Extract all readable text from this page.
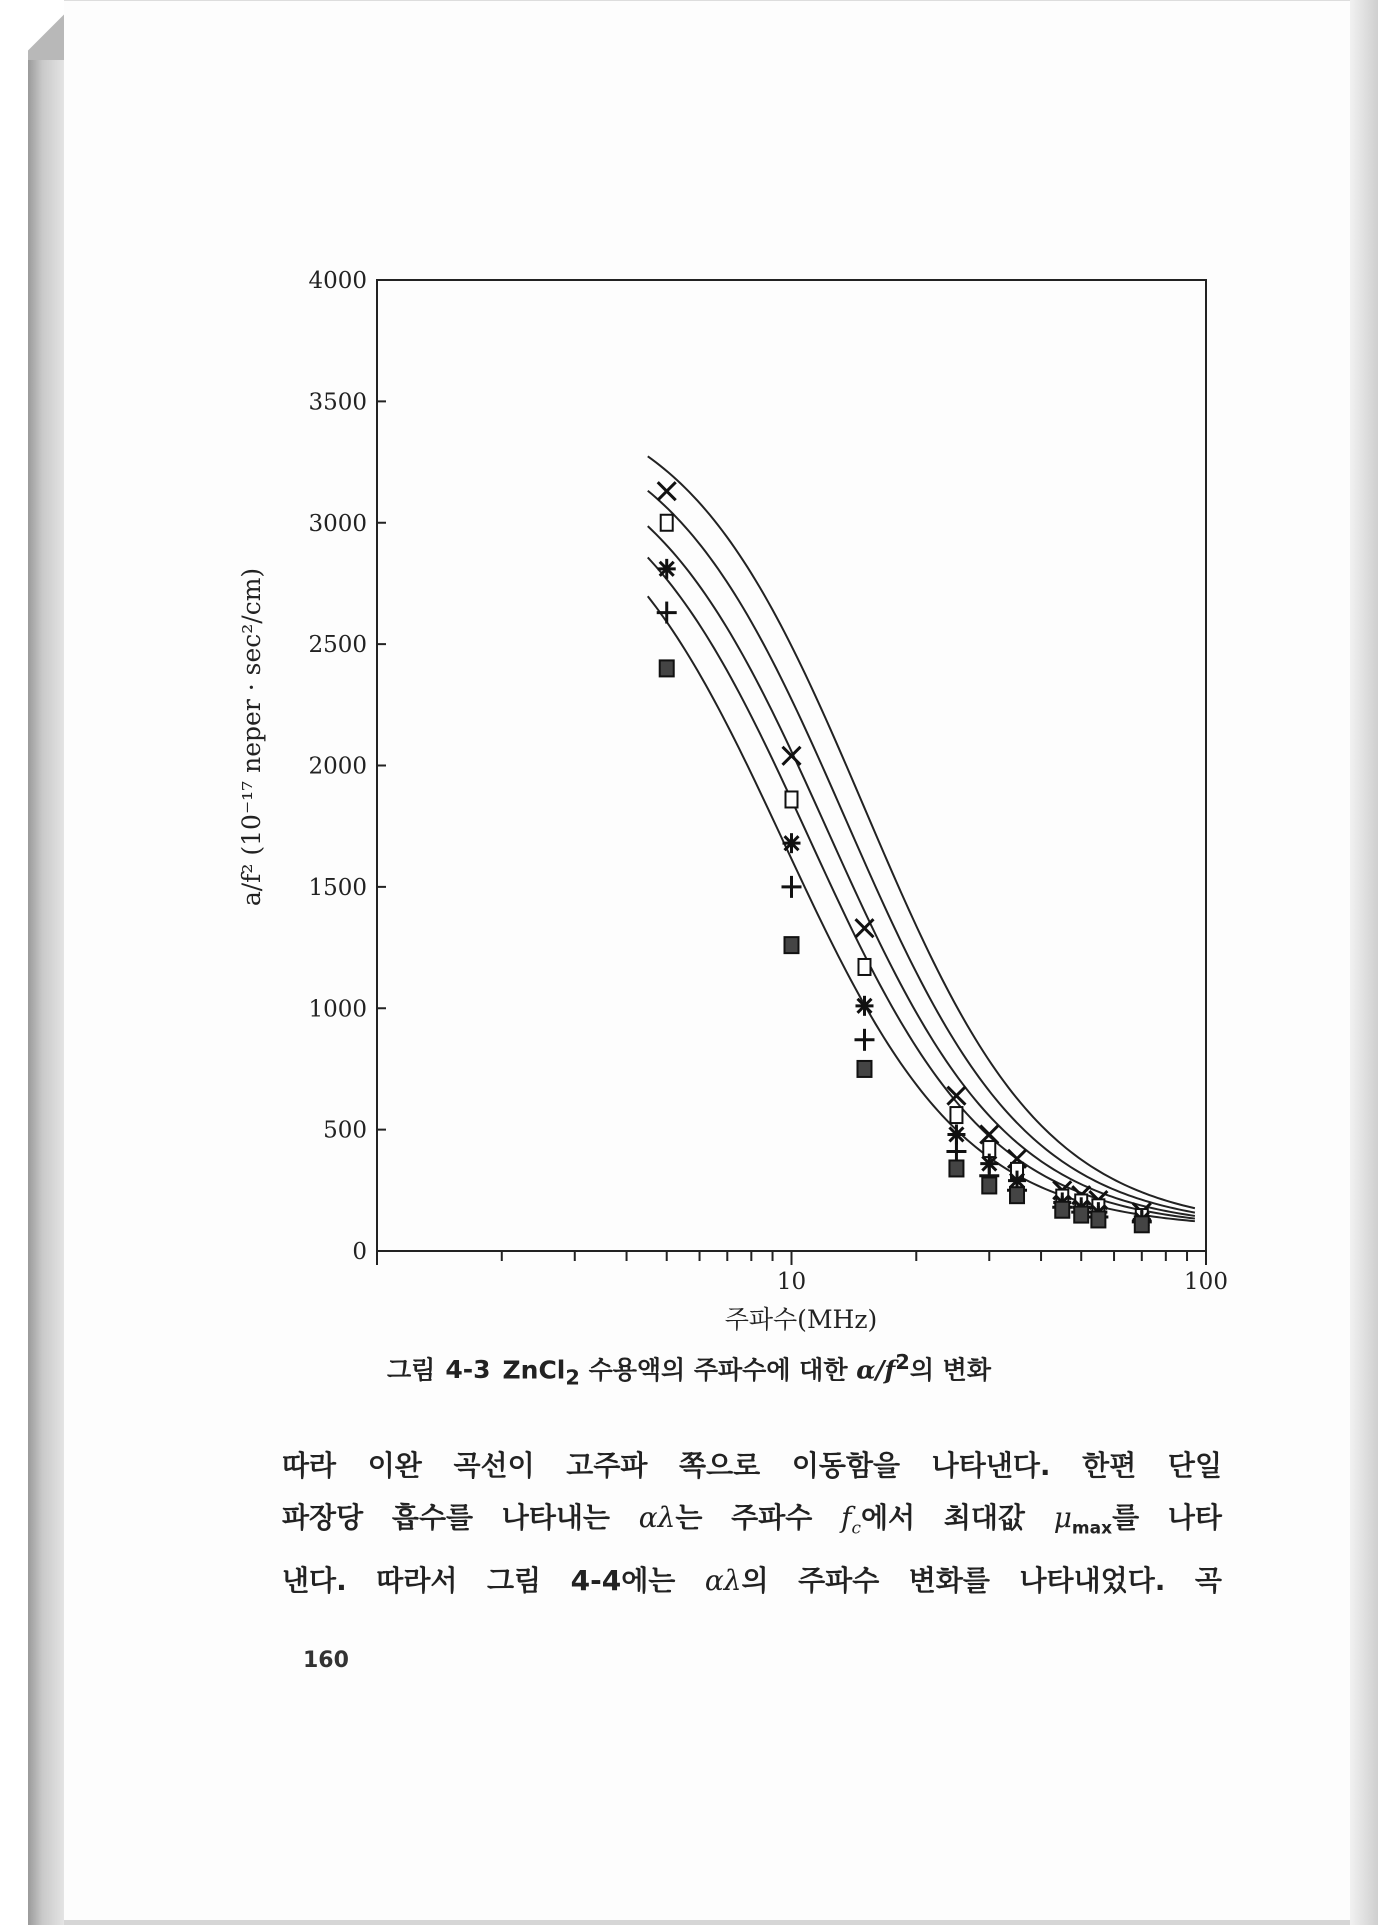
0
500
1000
1500
2000
2500
3000
3500
4000
10	100
주파수(MHz)
a/f² (10⁻¹⁷ neper · sec²/cm)
그림 4-3 ZnCl$_2$ 수용액의 주파수에 대한 $\alpha/f^2$의 변화
따라 이완 곡선이 고주파 쪽으로 이동함을 나타낸다. 한편 단일
파장당 흡수를 나타내는 αλ는 주파수 $f_c$에서 최대값 $\mu_{max}$를 나타
낸다. 따라서 그림 4-4에는 αλ의 주파수 변화를 나타내었다. 곡
160
